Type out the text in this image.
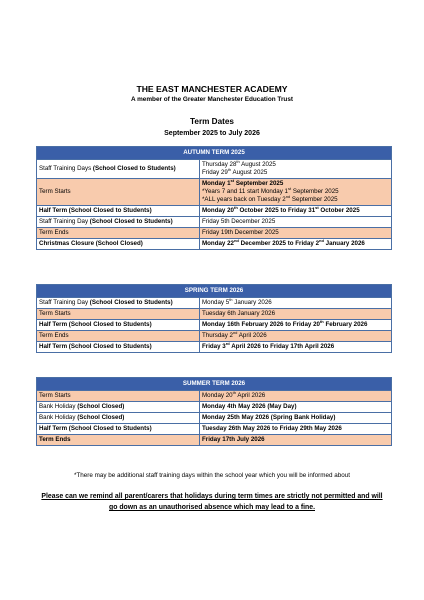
THE EAST MANCHESTER ACADEMY
A member of the Greater Manchester Education Trust
Term Dates
September 2025 to July 2026
AUTUMN TERM 2025	
Staff Training Days (School Closed to Students)	Thursday 28th August 2025
Friday 29th August 2025
Term Starts	Monday 1st September 2025
*Years 7 and 11 start Monday 1st September 2025
*ALL years back on Tuesday 2nd September 2025
Half Term (School Closed to Students)	Monday 20th October 2025 to Friday 31st October 2025
Staff Training Day (School Closed to Students)	Friday 5th December 2025
Term Ends	Friday 19th December 2025
Christmas Closure (School Closed)	Monday 22nd December 2025 to Friday 2nd January 2026
SPRING TERM 2026	
Staff Training Day (School Closed to Students)	Monday 5th January 2026
Term Starts	Tuesday 6th January 2026
Half Term (School Closed to Students)	Monday 16th February 2026 to Friday 20th February 2026
Term Ends	Thursday 2nd April 2026
Half Term (School Closed to Students)	Friday 3rd April 2026 to Friday 17th April 2026
SUMMER TERM 2026	
Term Starts	Monday 20th April 2026
Bank Holiday (School Closed)	Monday 4th May 2026 (May Day)
Bank Holiday (School Closed)	Monday 25th May 2026 (Spring Bank Holiday)
Half Term (School Closed to Students)	Tuesday 26th May 2026 to Friday 29th May 2026
Term Ends	Friday 17th July 2026
*There may be additional staff training days within the school year which you will be informed about
Please can we remind all parent/carers that holidays during term times are strictly not permitted and will go down as an unauthorised absence which may lead to a fine.
